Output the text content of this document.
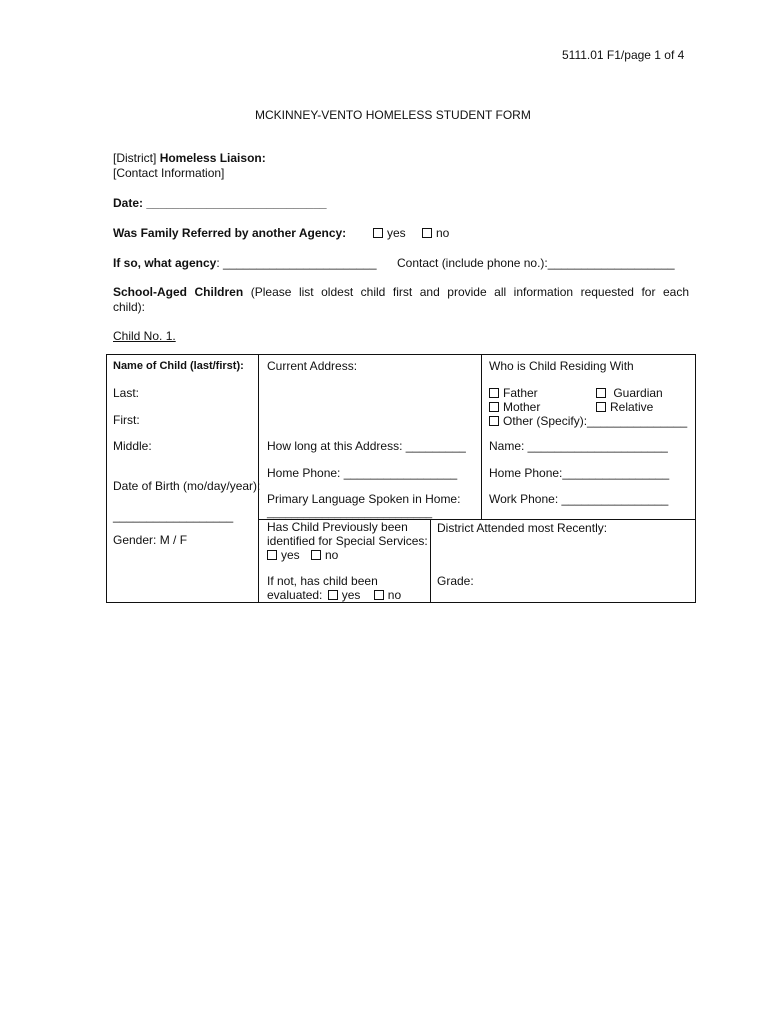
5111.01 F1/page 1 of 4
MCKINNEY-VENTO HOMELESS STUDENT FORM
[District] Homeless Liaison:
[Contact Information]
Date: ___________________________
Was Family Referred by another Agency:	yes	no
If so, what agency: _______________________ Contact (include phone no.):___________________
School-Aged Children (Please list oldest child first and provide all information requested for each
child):
Child No. 1.
Name of Child (last/first):
Last:
First:
Middle:
Date of Birth (mo/day/year):
__________________
Gender: M / F
Current Address:
How long at this Address: _________
Home Phone: _________________
Primary Language Spoken in Home:
___________________________
Who is Child Residing With
Father	Guardian
Mother	Relative
Other (Specify):_______________
Name: _____________________
Home Phone:________________
Work Phone: ________________
Has Child Previously been
identified for Special Services:
yes	no
If not, has child been
evaluated: yes no
District Attended most Recently:
Grade:
